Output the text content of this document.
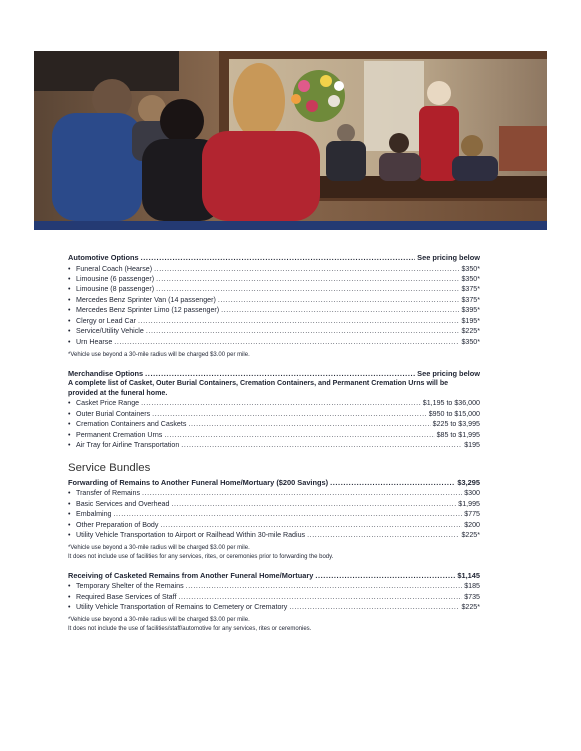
Automotive Options .....	See pricing below
• Funeral Coach (Hearse) .....	$350*
• Limousine (6 passenger) .....	$350*
• Limousine (8 passenger) .....	$375*
• Mercedes Benz Sprinter Van (14 passenger) .....	$375*
• Mercedes Benz Sprinter Limo (12 passenger) .....	$395*
• Clergy or Lead Car .....	$195*
• Service/Utility Vehicle .....	$225*
• Urn Hearse .....	$350*
*Vehicle use beyond a 30-mile radius will be charged $3.00 per mile.
Merchandise Options .....	See pricing below
A complete list of Casket, Outer Burial Containers, Cremation Containers, and Permanent Cremation Urns will be provided at the funeral home.
• Casket Price Range .....	$1,195 to $36,000
• Outer Burial Containers .....	$950 to $15,000
• Cremation Containers and Caskets .....	$225 to $3,995
• Permanent Cremation Urns .....	$85 to $1,995
• Air Tray for Airline Transportation .....	$195
Service Bundles
Forwarding of Remains to Another Funeral Home/Mortuary ($200 Savings) .....	$3,295
• Transfer of Remains .....	$300
• Basic Services and Overhead .....	$1,995
• Embalming .....	$775
• Other Preparation of Body .....	$200
• Utility Vehicle Transportation to Airport or Railhead Within 30-mile Radius .....	$225*
*Vehicle use beyond a 30-mile radius will be charged $3.00 per mile.
It does not include use of facilities for any services, rites, or ceremonies prior to forwarding the body.
Receiving of Casketed Remains from Another Funeral Home/Mortuary .....	$1,145
• Temporary Shelter of the Remains .....	$185
• Required Base Services of Staff .....	$735
• Utility Vehicle Transportation of Remains to Cemetery or Crematory .....	$225*
*Vehicle use beyond a 30-mile radius will be charged $3.00 per mile.
It does not include the use of facilities/staff/automotive for any services, rites or ceremonies.
